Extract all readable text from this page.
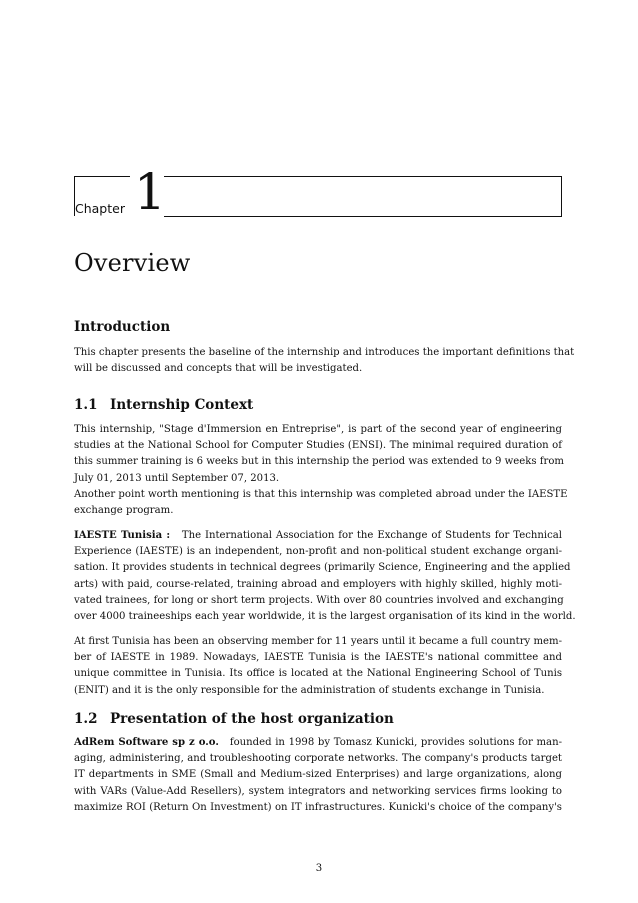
Chapter 1
Overview
Introduction
This chapter presents the baseline of the internship and introduces the important definitions that
will be discussed and concepts that will be investigated.
1.1 Internship Context
This internship, "Stage d'Immersion en Entreprise", is part of the second year of engineering
studies at the National School for Computer Studies (ENSI). The minimal required duration of
this summer training is 6 weeks but in this internship the period was extended to 9 weeks from
July 01, 2013 until September 07, 2013.
Another point worth mentioning is that this internship was completed abroad under the IAESTE
exchange program.
IAESTE Tunisia : The International Association for the Exchange of Students for Technical
Experience (IAESTE) is an independent, non-profit and non-political student exchange organi-
sation. It provides students in technical degrees (primarily Science, Engineering and the applied
arts) with paid, course-related, training abroad and employers with highly skilled, highly moti-
vated trainees, for long or short term projects. With over 80 countries involved and exchanging
over 4000 traineeships each year worldwide, it is the largest organisation of its kind in the world.
At first Tunisia has been an observing member for 11 years until it became a full country mem-
ber of IAESTE in 1989. Nowadays, IAESTE Tunisia is the IAESTE's national committee and
unique committee in Tunisia. Its office is located at the National Engineering School of Tunis
(ENIT) and it is the only responsible for the administration of students exchange in Tunisia.
1.2 Presentation of the host organization
AdRem Software sp z o.o. founded in 1998 by Tomasz Kunicki, provides solutions for man-
aging, administering, and troubleshooting corporate networks. The company's products target
IT departments in SME (Small and Medium-sized Enterprises) and large organizations, along
with VARs (Value-Add Resellers), system integrators and networking services firms looking to
maximize ROI (Return On Investment) on IT infrastructures. Kunicki's choice of the company's
3
